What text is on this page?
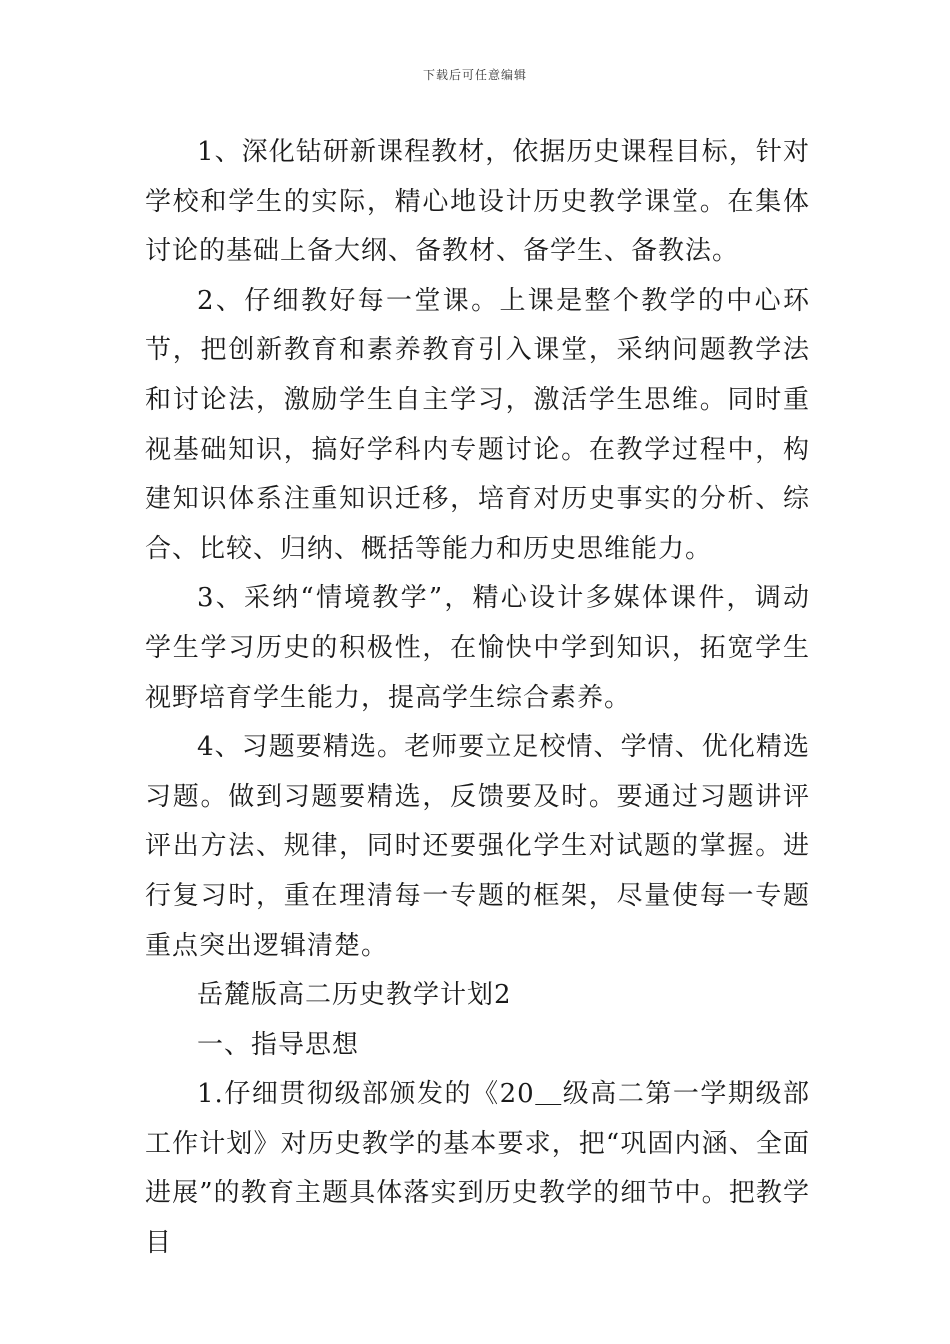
下载后可任意编辑

1、深化钻研新课程教材，依据历史课程目标，针对学校和学生的实际，精心地设计历史教学课堂。在集体讨论的基础上备大纲、备教材、备学生、备教法。

2、仔细教好每一堂课。上课是整个教学的中心环节，把创新教育和素养教育引入课堂，采纳问题教学法和讨论法，激励学生自主学习，激活学生思维。同时重视基础知识，搞好学科内专题讨论。在教学过程中，构建知识体系注重知识迁移，培育对历史事实的分析、综合、比较、归纳、概括等能力和历史思维能力。

3、采纳“情境教学”，精心设计多媒体课件，调动学生学习历史的积极性，在愉快中学到知识，拓宽学生视野培育学生能力，提高学生综合素养。

4、习题要精选。老师要立足校情、学情、优化精选习题。做到习题要精选，反馈要及时。要通过习题讲评评出方法、规律，同时还要强化学生对试题的掌握。进行复习时，重在理清每一专题的框架，尽量使每一专题重点突出逻辑清楚。

岳麓版高二历史教学计划2

一、指导思想

1.仔细贯彻级部颁发的《20＿级高二第一学期级部工作计划》对历史教学的基本要求，把“巩固内涵、全面进展”的教育主题具体落实到历史教学的细节中。把教学目
